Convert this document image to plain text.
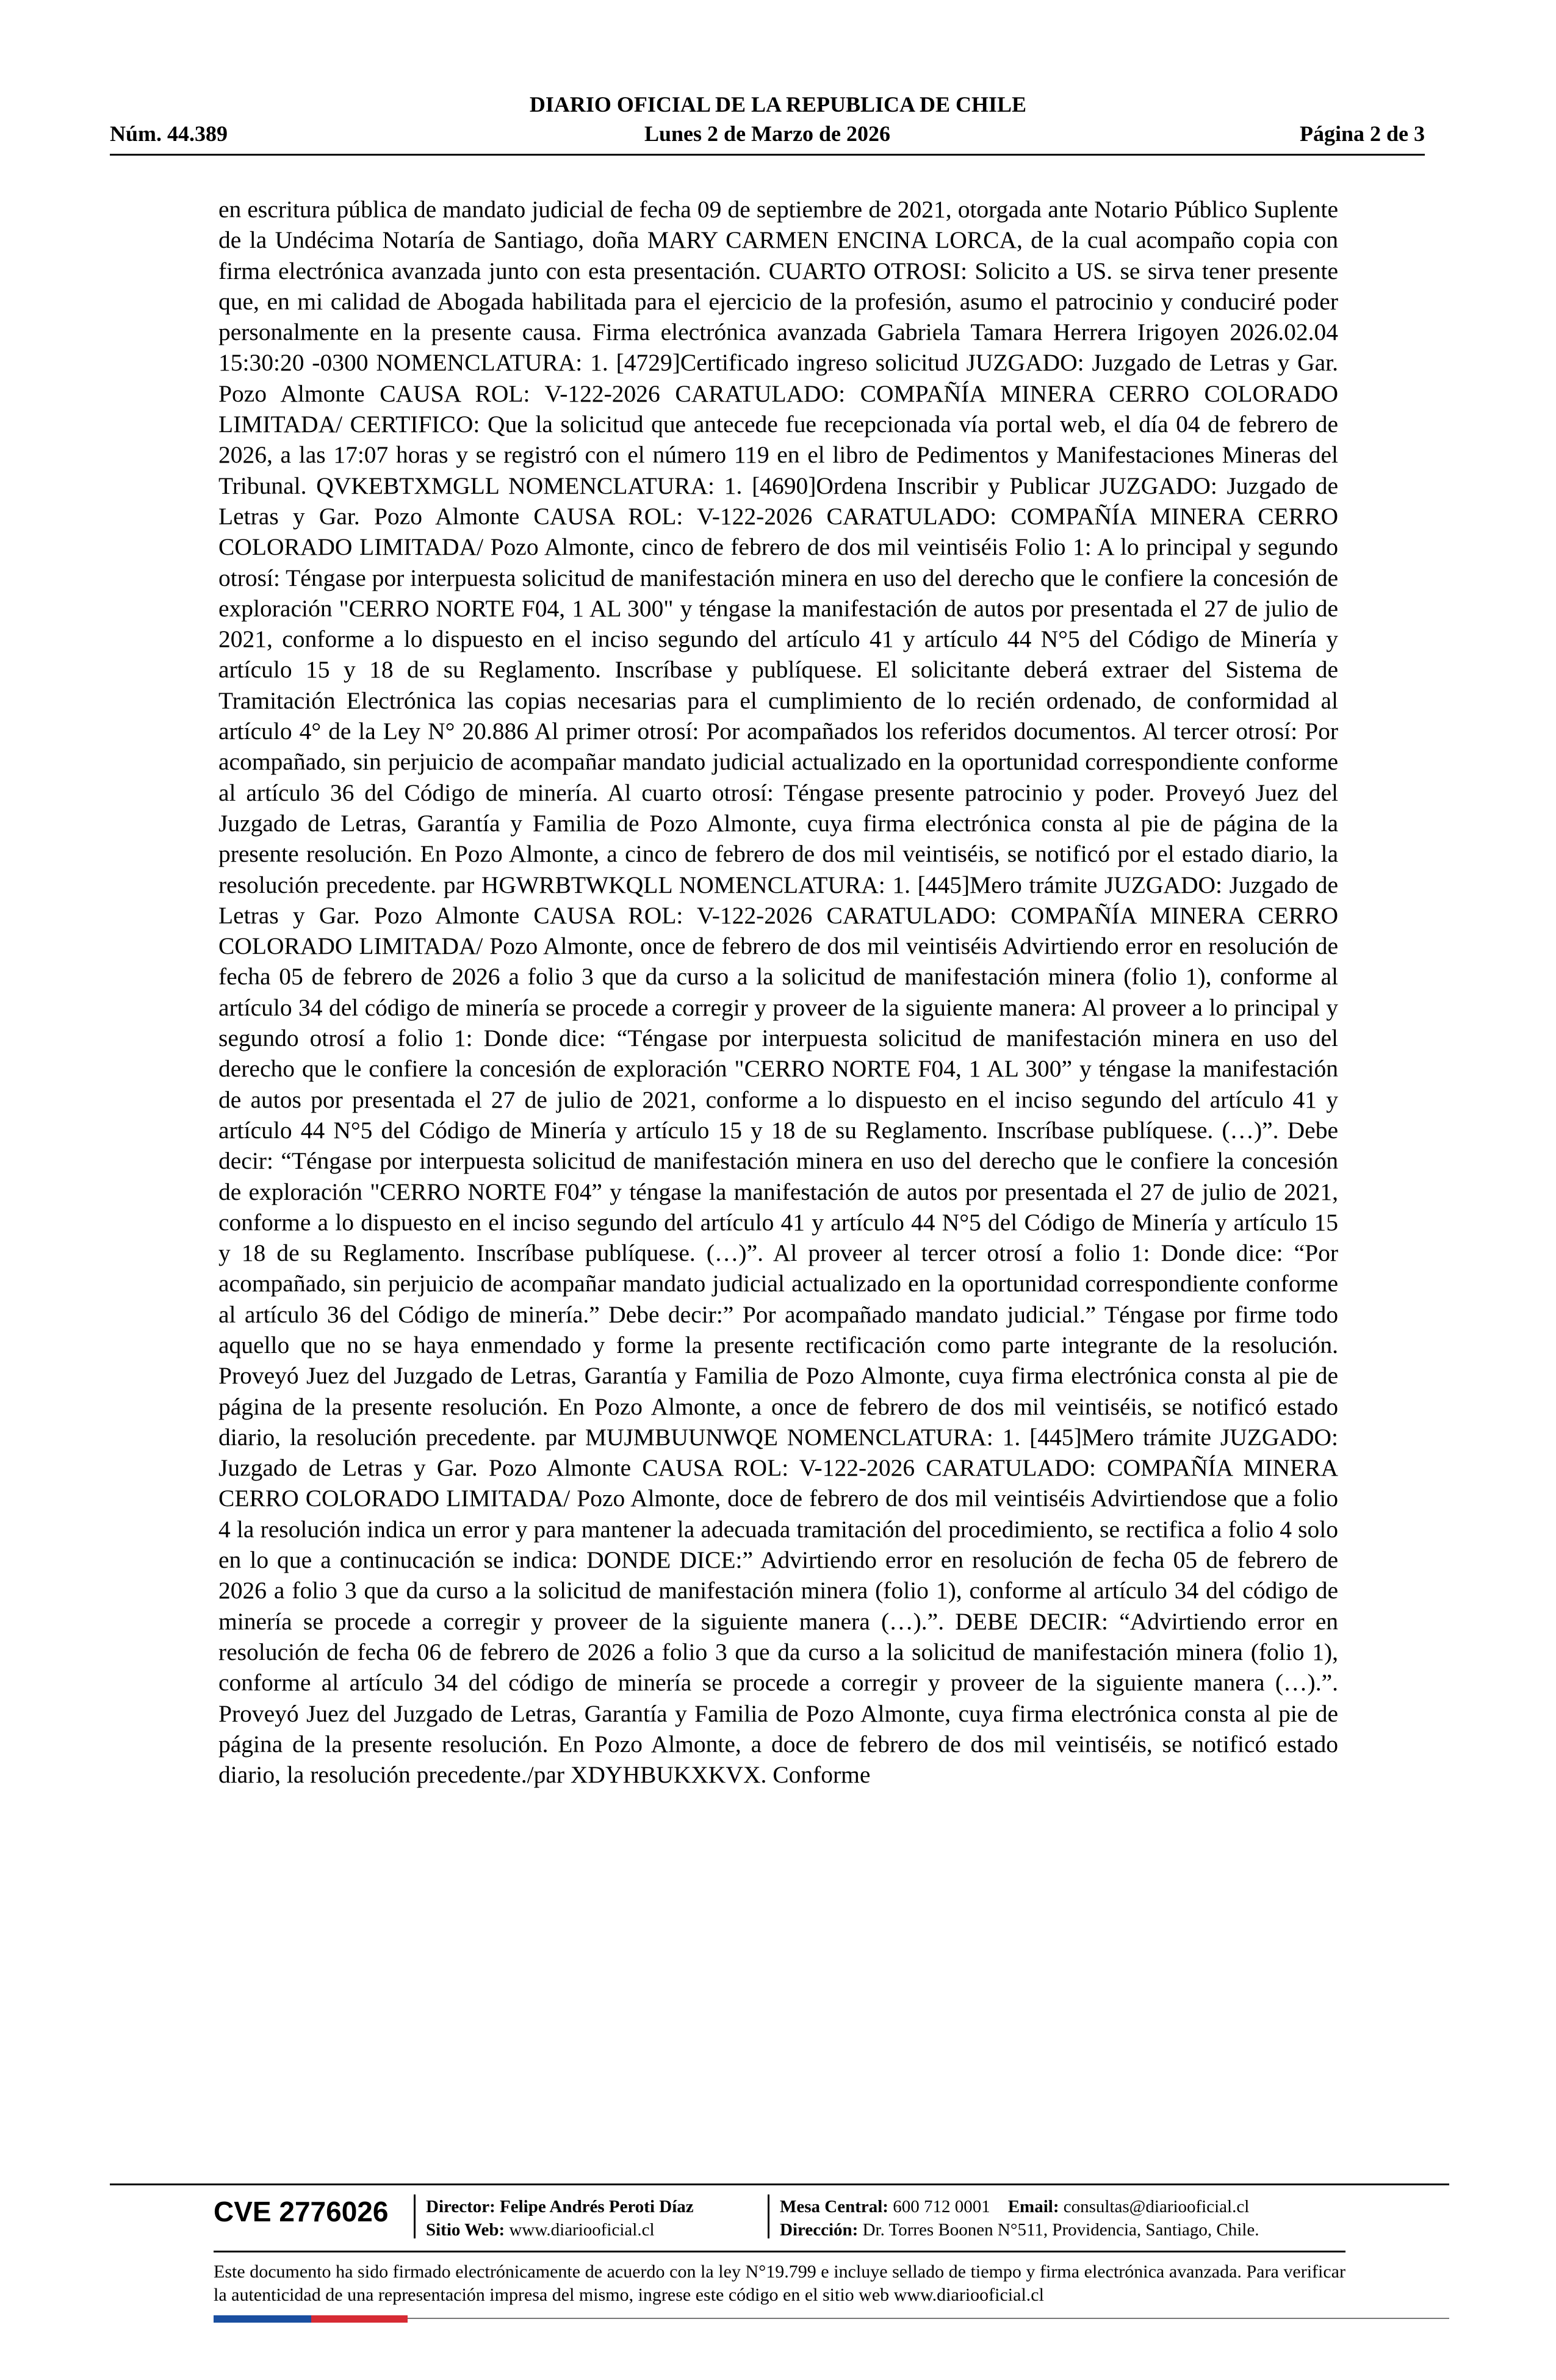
DIARIO OFICIAL DE LA REPUBLICA DE CHILE
Núm. 44.389	Lunes 2 de Marzo de 2026	Página 2 de 3

en escritura pública de mandato judicial de fecha 09 de septiembre de 2021, otorgada ante Notario Público Suplente de la Undécima Notaría de Santiago, doña MARY CARMEN ENCINA LORCA, de la cual acompaño copia con firma electrónica avanzada junto con esta presentación. CUARTO OTROSI: Solicito a US. se sirva tener presente que, en mi calidad de Abogada habilitada para el ejercicio de la profesión, asumo el patrocinio y conduciré poder personalmente en la presente causa. Firma electrónica avanzada Gabriela Tamara Herrera Irigoyen 2026.02.04 15:30:20 -0300 NOMENCLATURA: 1. [4729]Certificado ingreso solicitud JUZGADO: Juzgado de Letras y Gar. Pozo Almonte CAUSA ROL: V-122-2026 CARATULADO: COMPAÑÍA MINERA CERRO COLORADO LIMITADA/ CERTIFICO: Que la solicitud que antecede fue recepcionada vía portal web, el día 04 de febrero de 2026, a las 17:07 horas y se registró con el número 119 en el libro de Pedimentos y Manifestaciones Mineras del Tribunal. QVKEBTXMGLL NOMENCLATURA: 1. [4690]Ordena Inscribir y Publicar JUZGADO: Juzgado de Letras y Gar. Pozo Almonte CAUSA ROL: V-122-2026 CARATULADO: COMPAÑÍA MINERA CERRO COLORADO LIMITADA/ Pozo Almonte, cinco de febrero de dos mil veintiséis Folio 1: A lo principal y segundo otrosí: Téngase por interpuesta solicitud de manifestación minera en uso del derecho que le confiere la concesión de exploración "CERRO NORTE F04, 1 AL 300" y téngase la manifestación de autos por presentada el 27 de julio de 2021, conforme a lo dispuesto en el inciso segundo del artículo 41 y artículo 44 N°5 del Código de Minería y artículo 15 y 18 de su Reglamento. Inscríbase y publíquese. El solicitante deberá extraer del Sistema de Tramitación Electrónica las copias necesarias para el cumplimiento de lo recién ordenado, de conformidad al artículo 4° de la Ley N° 20.886 Al primer otrosí: Por acompañados los referidos documentos. Al tercer otrosí: Por acompañado, sin perjuicio de acompañar mandato judicial actualizado en la oportunidad correspondiente conforme al artículo 36 del Código de minería. Al cuarto otrosí: Téngase presente patrocinio y poder. Proveyó Juez del Juzgado de Letras, Garantía y Familia de Pozo Almonte, cuya firma electrónica consta al pie de página de la presente resolución. En Pozo Almonte, a cinco de febrero de dos mil veintiséis, se notificó por el estado diario, la resolución precedente. par HGWRBTWKQLL NOMENCLATURA: 1. [445]Mero trámite JUZGADO: Juzgado de Letras y Gar. Pozo Almonte CAUSA ROL: V-122-2026 CARATULADO: COMPAÑÍA MINERA CERRO COLORADO LIMITADA/ Pozo Almonte, once de febrero de dos mil veintiséis Advirtiendo error en resolución de fecha 05 de febrero de 2026 a folio 3 que da curso a la solicitud de manifestación minera (folio 1), conforme al artículo 34 del código de minería se procede a corregir y proveer de la siguiente manera: Al proveer a lo principal y segundo otrosí a folio 1: Donde dice: “Téngase por interpuesta solicitud de manifestación minera en uso del derecho que le confiere la concesión de exploración "CERRO NORTE F04, 1 AL 300” y téngase la manifestación de autos por presentada el 27 de julio de 2021, conforme a lo dispuesto en el inciso segundo del artículo 41 y artículo 44 N°5 del Código de Minería y artículo 15 y 18 de su Reglamento. Inscríbase publíquese. (…)”. Debe decir: “Téngase por interpuesta solicitud de manifestación minera en uso del derecho que le confiere la concesión de exploración "CERRO NORTE F04” y téngase la manifestación de autos por presentada el 27 de julio de 2021, conforme a lo dispuesto en el inciso segundo del artículo 41 y artículo 44 N°5 del Código de Minería y artículo 15 y 18 de su Reglamento. Inscríbase publíquese. (…)”. Al proveer al tercer otrosí a folio 1: Donde dice: “Por acompañado, sin perjuicio de acompañar mandato judicial actualizado en la oportunidad correspondiente conforme al artículo 36 del Código de minería.” Debe decir:” Por acompañado mandato judicial.” Téngase por firme todo aquello que no se haya enmendado y forme la presente rectificación como parte integrante de la resolución. Proveyó Juez del Juzgado de Letras, Garantía y Familia de Pozo Almonte, cuya firma electrónica consta al pie de página de la presente resolución. En Pozo Almonte, a once de febrero de dos mil veintiséis, se notificó estado diario, la resolución precedente. par MUJMBUUNWQE NOMENCLATURA: 1. [445]Mero trámite JUZGADO: Juzgado de Letras y Gar. Pozo Almonte CAUSA ROL: V-122-2026 CARATULADO: COMPAÑÍA MINERA CERRO COLORADO LIMITADA/ Pozo Almonte, doce de febrero de dos mil veintiséis Advirtiendose que a folio 4 la resolución indica un error y para mantener la adecuada tramitación del procedimiento, se rectifica a folio 4 solo en lo que a continucación se indica: DONDE DICE:” Advirtiendo error en resolución de fecha 05 de febrero de 2026 a folio 3 que da curso a la solicitud de manifestación minera (folio 1), conforme al artículo 34 del código de minería se procede a corregir y proveer de la siguiente manera (…).”. DEBE DECIR: “Advirtiendo error en resolución de fecha 06 de febrero de 2026 a folio 3 que da curso a la solicitud de manifestación minera (folio 1), conforme al artículo 34 del código de minería se procede a corregir y proveer de la siguiente manera (…).”. Proveyó Juez del Juzgado de Letras, Garantía y Familia de Pozo Almonte, cuya firma electrónica consta al pie de página de la presente resolución. En Pozo Almonte, a doce de febrero de dos mil veintiséis, se notificó estado diario, la resolución precedente./par XDYHBUKXKVX. Conforme

CVE 2776026 Director: Felipe Andrés Peroti Díaz
Sitio Web: www.diariooficial.cl
Mesa Central: 600 712 0001 Email: consultas@diariooficial.cl
Dirección: Dr. Torres Boonen N°511, Providencia, Santiago, Chile.

Este documento ha sido firmado electrónicamente de acuerdo con la ley N°19.799 e incluye sellado de tiempo y firma electrónica avanzada. Para verificar la autenticidad de una representación impresa del mismo, ingrese este código en el sitio web www.diariooficial.cl
